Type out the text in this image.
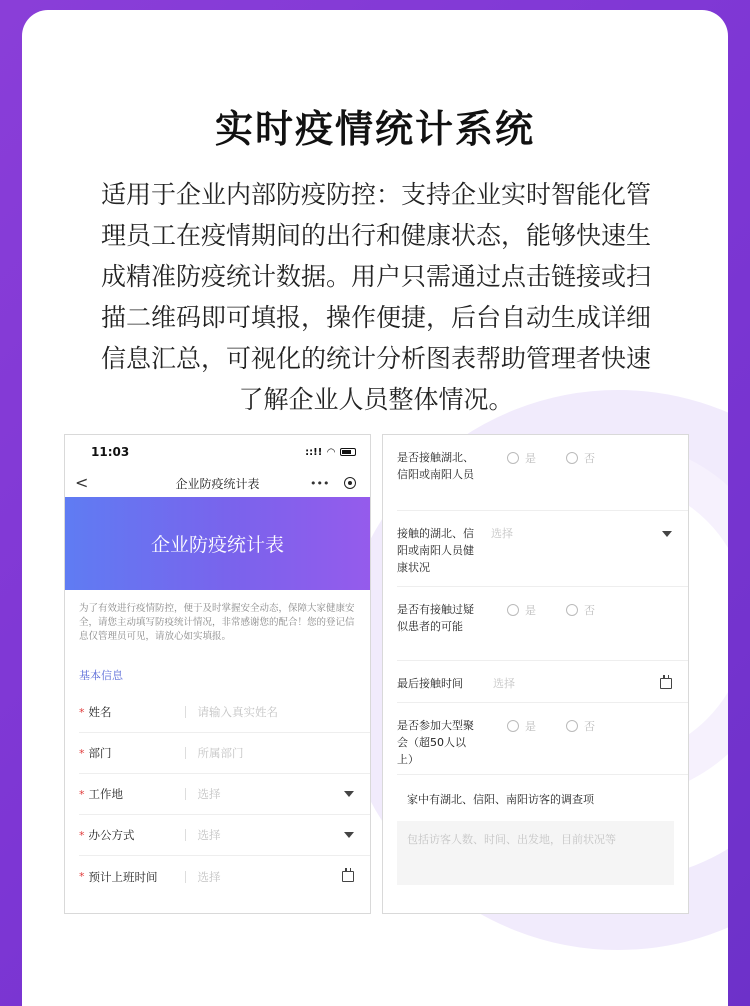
实时疫情统计系统
适用于企业内部防疫防控：支持企业实时智能化管
理员工在疫情期间的出行和健康状态，能够快速生
成精准防疫统计数据。用户只需通过点击链接或扫
描二维码即可填报，操作便捷，后台自动生成详细
信息汇总，可视化的统计分析图表帮助管理者快速
了解企业人员整体情况。
11:03	::!! ◠
<	企业防疫统计表	•••
企业防疫统计表
为了有效进行疫情防控，便于及时掌握安全动态，保障大家健康安全，请您主动填写防疫统计情况，非常感谢您的配合！您的登记信息仅管理员可见，请放心如实填报。
基本信息
* 姓名	请输入真实姓名
* 部门	所属部门
* 工作地	选择
* 办公方式	选择
* 预计上班时间	选择
是否接触湖北、信阳或南阳人员
是	否
接触的湖北、信阳或南阳人员健康状况
选择
是否有接触过疑似患者的可能
是	否
最后接触时间	选择
是否参加大型聚会（超50人以上）
是	否
家中有湖北、信阳、南阳访客的调查项
包括访客人数、时间、出发地，目前状况等
